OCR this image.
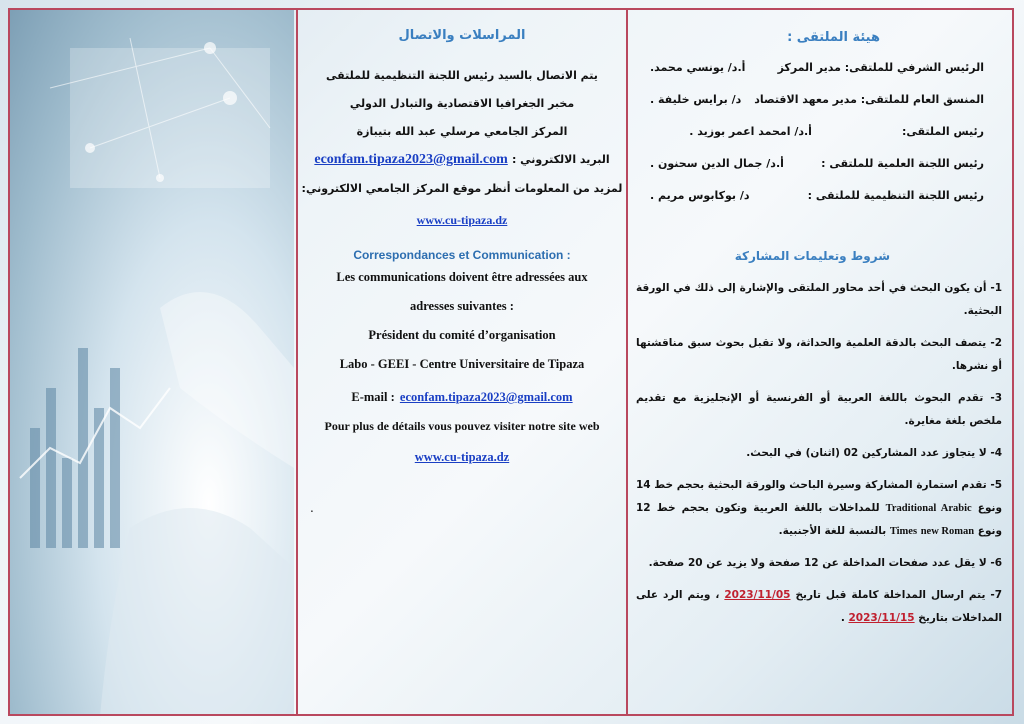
المراسلات والاتصال
يتم الاتصال بالسيد رئيس اللجنة التنظيمية للملتقى
مخبر الجغرافيا الاقتصادية والتبادل الدولي
المركز الجامعي مرسلي عبد الله بتيبازة
البريد الالكتروني : econfam.tipaza2023@gmail.com
لمزيد من المعلومات أنظر موقع المركز الجامعي الالكتروني:
www.cu-tipaza.dz
Correspondances et Communication :
Les communications doivent être adressées aux
adresses suivantes :
Président du comité d’organisation
Labo - GEEI - Centre Universitaire de Tipaza
E-mail : econfam.tipaza2023@gmail.com
Pour plus de détails vous pouvez visiter notre site web
www.cu-tipaza.dz
.
هيئة الملتقى :
الرئيس الشرفي للملتقى: مدير المركز
أ.د/ يونسي محمد.
المنسق العام للملتقى: مدير معهد الاقتصاد
د/ برايس خليفة .
رئيس الملتقى:
أ.د/ امحمد اعمر بوزيد .
رئيس اللجنة العلمية للملتقى :
أ.د/ جمال الدين سحنون .
رئيس اللجنة التنظيمية للملتقى :
د/ بوكابوس مريم .
شروط وتعليمات المشاركة

1- أن يكون البحث في أحد محاور الملتقى والإشارة إلى ذلك في الورقة البحثية.

2- يتصف البحث بالدقة العلمية والحداثة، ولا تقبل بحوث سبق مناقشتها أو نشرها.

3- تقدم البحوث باللغة العربية أو الفرنسية أو الإنجليزية مع تقديم ملخص بلغة مغايرة.

4- لا يتجاوز عدد المشاركين 02 (اثنان) في البحث.

5- تقدم استمارة المشاركة وسيرة الباحث والورقة البحثية بحجم خط 14 ونوع Traditional Arabic للمداخلات باللغة العربية وتكون بحجم خط 12 ونوع Times new Roman بالنسبة للغة الأجنبية.

6- لا يقل عدد صفحات المداخلة عن 12 صفحة ولا يزيد عن 20 صفحة.

7- يتم ارسال المداخلة كاملة قبل تاريخ 2023/11/05 ، ويتم الرد على المداخلات بتاريخ 2023/11/15 .
